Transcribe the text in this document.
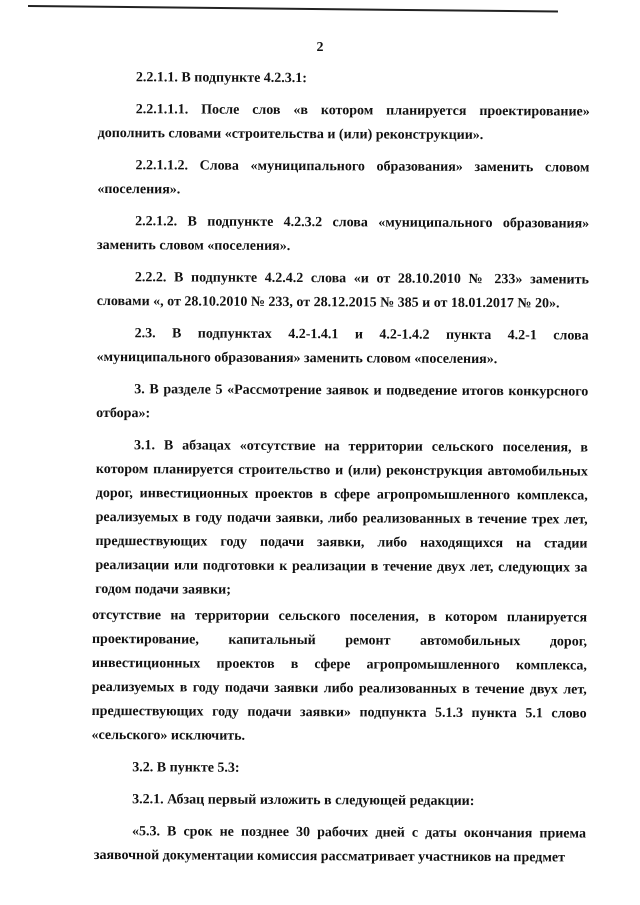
2

2.2.1.1. В подпункте 4.2.3.1:

2.2.1.1.1. После слов «в котором планируется проектирование» дополнить словами «строительства и (или) реконструкции».

2.2.1.1.2. Слова «муниципального образования» заменить словом «поселения».

2.2.1.2. В подпункте 4.2.3.2 слова «муниципального образования» заменить словом «поселения».

2.2.2. В подпункте 4.2.4.2 слова «и от 28.10.2010 № 233» заменить словами «, от 28.10.2010 № 233, от 28.12.2015 № 385 и от 18.01.2017 № 20».

2.3. В подпунктах 4.2-1.4.1 и 4.2-1.4.2 пункта 4.2-1 слова «муниципального образования» заменить словом «поселения».

3. В разделе 5 «Рассмотрение заявок и подведение итогов конкурсного отбора»:

3.1. В абзацах «отсутствие на территории сельского поселения, в котором планируется строительство и (или) реконструкция автомобильных дорог, инвестиционных проектов в сфере агропромышленного комплекса, реализуемых в году подачи заявки, либо реализованных в течение трех лет, предшествующих году подачи заявки, либо находящихся на стадии реализации или подготовки к реализации в течение двух лет, следующих за годом подачи заявки;

отсутствие на территории сельского поселения, в котором планируется проектирование, капитальный ремонт автомобильных дорог, инвестиционных проектов в сфере агропромышленного комплекса, реализуемых в году подачи заявки либо реализованных в течение двух лет, предшествующих году подачи заявки» подпункта 5.1.3 пункта 5.1 слово «сельского» исключить.

3.2. В пункте 5.3:

3.2.1. Абзац первый изложить в следующей редакции:

«5.3. В срок не позднее 30 рабочих дней с даты окончания приема заявочной документации комиссия рассматривает участников на предмет
